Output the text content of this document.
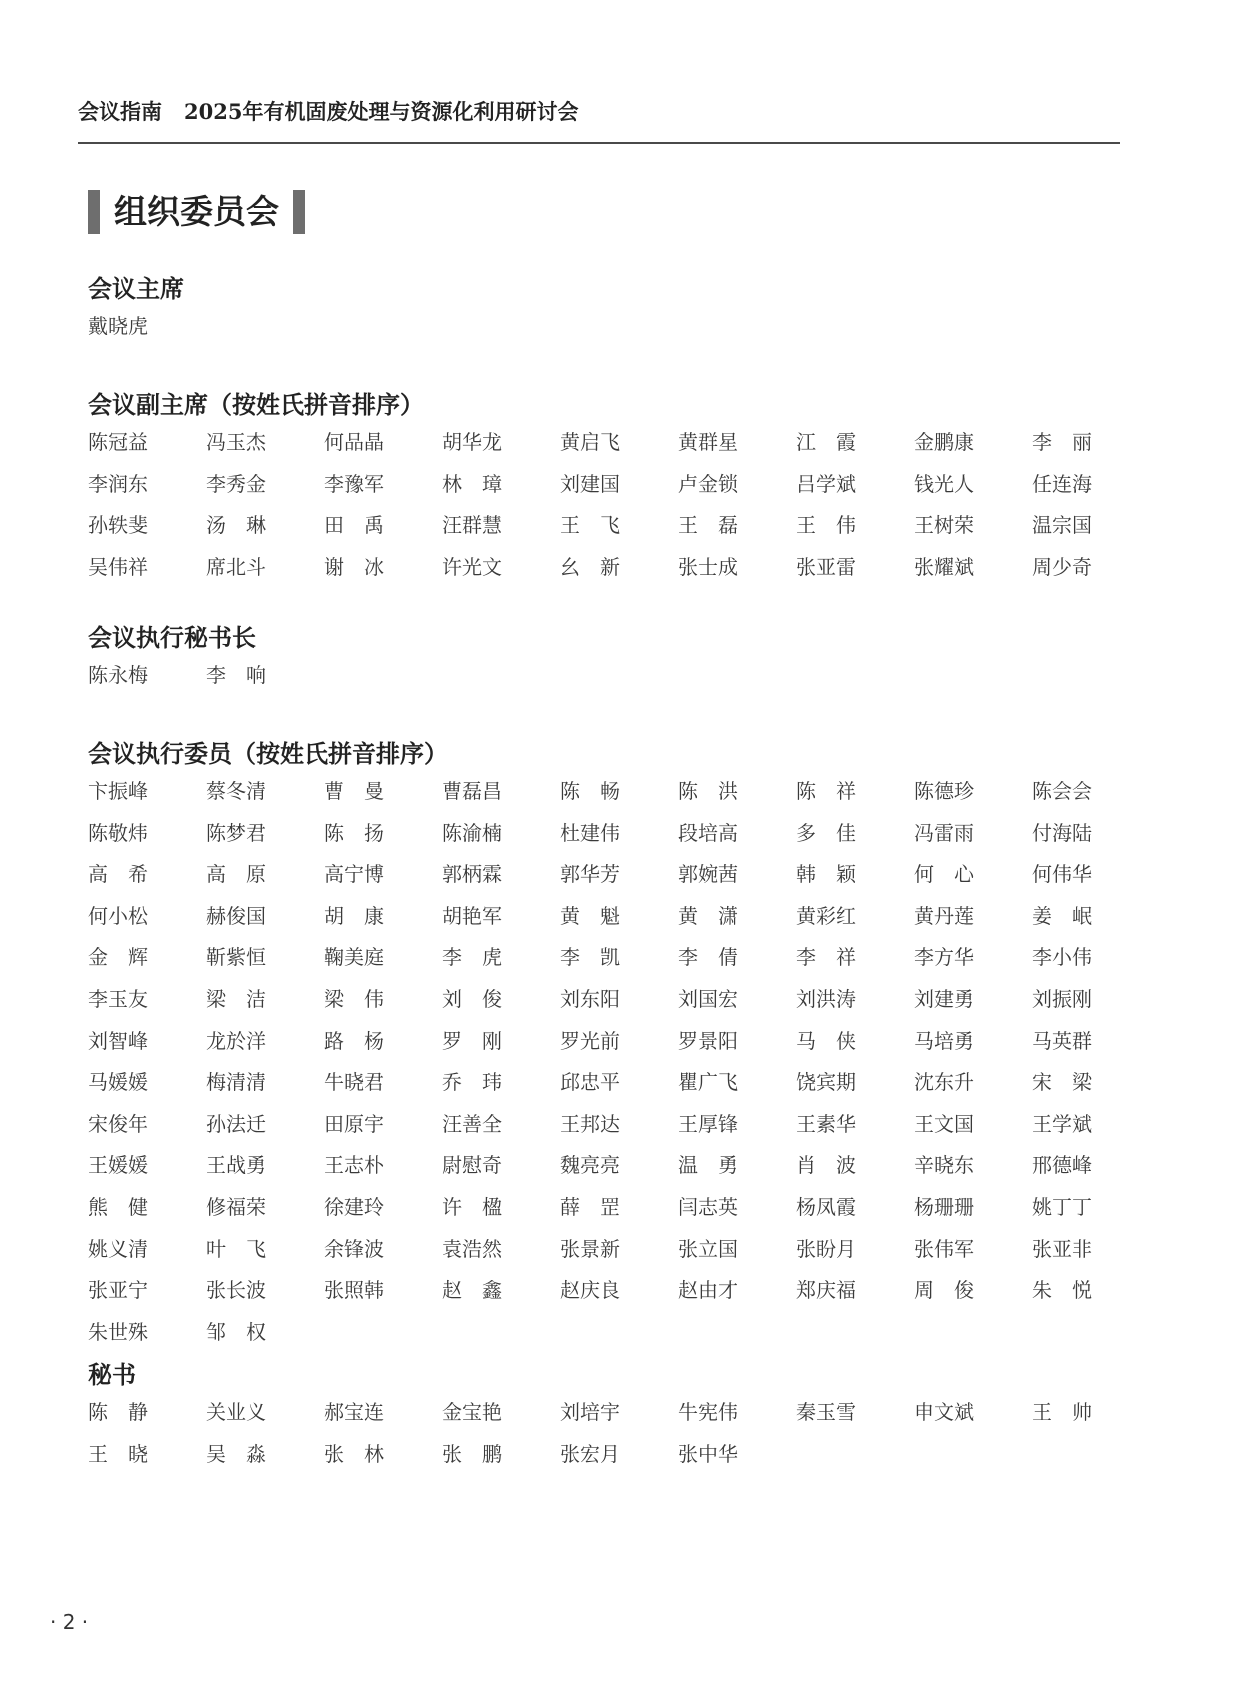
会议指南 2025年有机固废处理与资源化利用研讨会
组织委员会
会议主席
戴晓虎
会议副主席（按姓氏拼音排序）
陈冠益	冯玉杰	何品晶	胡华龙	黄启飞	黄群星	江　霞	金鹏康	李　丽
李润东	李秀金	李豫军	林　璋	刘建国	卢金锁	吕学斌	钱光人	任连海
孙轶斐	汤　琳	田　禹	汪群慧	王　飞	王　磊	王　伟	王树荣	温宗国
吴伟祥	席北斗	谢　冰	许光文	幺　新	张士成	张亚雷	张耀斌	周少奇
会议执行秘书长
陈永梅	李　响
会议执行委员（按姓氏拼音排序）
卞振峰	蔡冬清	曹　曼	曹磊昌	陈　畅	陈　洪	陈　祥	陈德珍	陈会会
陈敬炜	陈梦君	陈　扬	陈渝楠	杜建伟	段培高	多　佳	冯雷雨	付海陆
高　希	高　原	高宁博	郭柄霖	郭华芳	郭婉茜	韩　颖	何　心	何伟华
何小松	赫俊国	胡　康	胡艳军	黄　魁	黄　潇	黄彩红	黄丹莲	姜　岷
金　辉	靳紫恒	鞠美庭	李　虎	李　凯	李　倩	李　祥	李方华	李小伟
李玉友	梁　洁	梁　伟	刘　俊	刘东阳	刘国宏	刘洪涛	刘建勇	刘振刚
刘智峰	龙於洋	路　杨	罗　刚	罗光前	罗景阳	马　侠	马培勇	马英群
马媛媛	梅清清	牛晓君	乔　玮	邱忠平	瞿广飞	饶宾期	沈东升	宋　梁
宋俊年	孙法迁	田原宇	汪善全	王邦达	王厚锋	王素华	王文国	王学斌
王媛媛	王战勇	王志朴	尉慰奇	魏亮亮	温　勇	肖　波	辛晓东	邢德峰
熊　健	修福荣	徐建玲	许　楹	薛　罡	闫志英	杨凤霞	杨珊珊	姚丁丁
姚义清	叶　飞	余锋波	袁浩然	张景新	张立国	张盼月	张伟军	张亚非
张亚宁	张长波	张照韩	赵　鑫	赵庆良	赵由才	郑庆福	周　俊	朱　悦
朱世殊	邹　权
秘书
陈　静	关业义	郝宝连	金宝艳	刘培宇	牛宪伟	秦玉雪	申文斌	王　帅
王　晓	吴　淼	张　林	张　鹏	张宏月	张中华
· 2 ·
